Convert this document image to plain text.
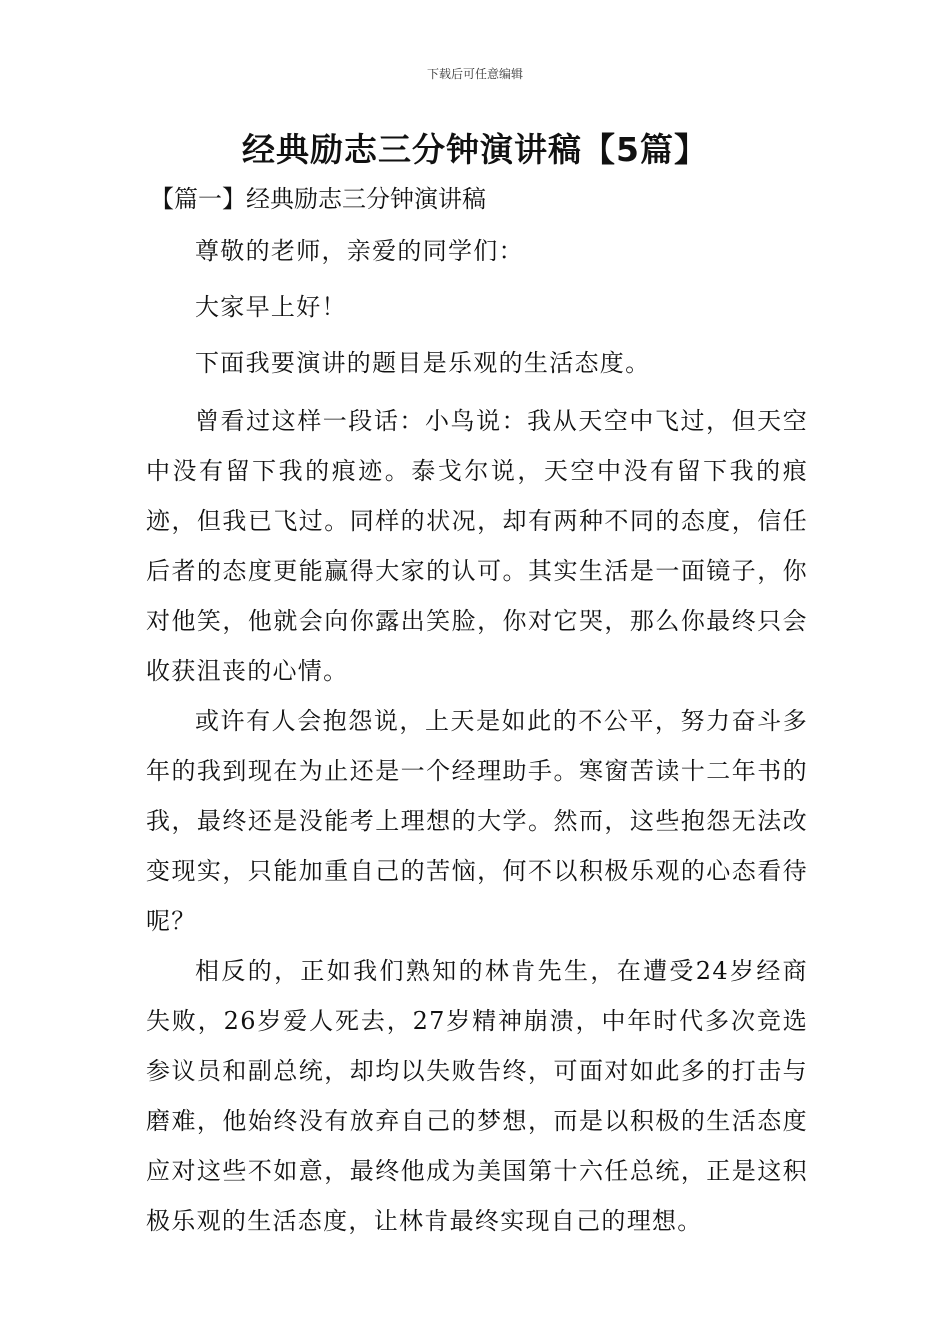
下载后可任意编辑
经典励志三分钟演讲稿【5篇】
【篇一】经典励志三分钟演讲稿

尊敬的老师，亲爱的同学们：

大家早上好！

下面我要演讲的题目是乐观的生活态度。

曾看过这样一段话：小鸟说：我从天空中飞过，但天空中没有留下我的痕迹。泰戈尔说，天空中没有留下我的痕迹，但我已飞过。同样的状况，却有两种不同的态度，信任后者的态度更能赢得大家的认可。其实生活是一面镜子，你对他笑，他就会向你露出笑脸，你对它哭，那么你最终只会收获沮丧的心情。

或许有人会抱怨说，上天是如此的不公平，努力奋斗多年的我到现在为止还是一个经理助手。寒窗苦读十二年书的我，最终还是没能考上理想的大学。然而，这些抱怨无法改变现实，只能加重自己的苦恼，何不以积极乐观的心态看待呢？

相反的，正如我们熟知的林肯先生，在遭受24岁经商失败，26岁爱人死去，27岁精神崩溃，中年时代多次竞选参议员和副总统，却均以失败告终，可面对如此多的打击与磨难，他始终没有放弃自己的梦想，而是以积极的生活态度应对这些不如意，最终他成为美国第十六任总统，正是这积极乐观的生活态度，让林肯最终实现自己的理想。
